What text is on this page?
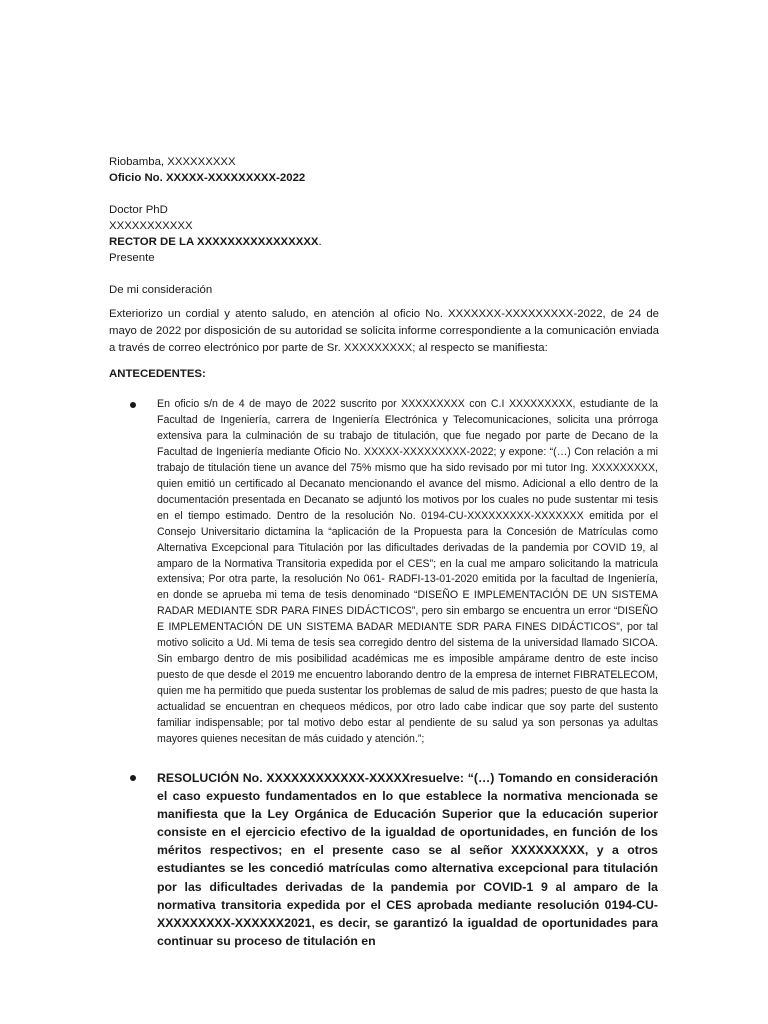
Riobamba, XXXXXXXXX
Oficio No. XXXXX-XXXXXXXXX-2022
Doctor PhD
XXXXXXXXXXX
RECTOR DE LA XXXXXXXXXXXXXXXX.
Presente
De mi consideración
Exteriorizo un cordial y atento saludo, en atención al oficio No. XXXXXXX-XXXXXXXXX-2022, de 24 de mayo de 2022 por disposición de su autoridad se solicita informe correspondiente a la comunicación enviada a través de correo electrónico por parte de Sr. XXXXXXXXX; al respecto se manifiesta:
ANTECEDENTES:
En oficio s/n de 4 de mayo de 2022 suscrito por XXXXXXXXX con C.I XXXXXXXXX, estudiante de la Facultad de Ingeniería, carrera de Ingeniería Electrónica y Telecomunicaciones, solicita una prórroga extensiva para la culminación de su trabajo de titulación, que fue negado por parte de Decano de la Facultad de Ingeniería mediante Oficio No. XXXXX-XXXXXXXXX-2022; y expone: “(…) Con relación a mi trabajo de titulación tiene un avance del 75% mismo que ha sido revisado por mi tutor Ing. XXXXXXXXX, quien emitió un certificado al Decanato mencionando el avance del mismo. Adicional a ello dentro de la documentación presentada en Decanato se adjuntó los motivos por los cuales no pude sustentar mi tesis en el tiempo estimado. Dentro de la resolución No. 0194-CU-XXXXXXXXX-XXXXXXX emitida por el Consejo Universitario dictamina la “aplicación de la Propuesta para la Concesión de Matrículas como Alternativa Excepcional para Titulación por las dificultades derivadas de la pandemia por COVID 19, al amparo de la Normativa Transitoria expedida por el CES”; en la cual me amparo solicitando la matricula extensiva; Por otra parte, la resolución No 061- RADFI-13-01-2020 emitida por la facultad de Ingeniería, en donde se aprueba mi tema de tesis denominado “DISEÑO E IMPLEMENTACIÓN DE UN SISTEMA RADAR MEDIANTE SDR PARA FINES DIDÁCTICOS”, pero sin embargo se encuentra un error “DISEÑO E IMPLEMENTACIÓN DE UN SISTEMA BADAR MEDIANTE SDR PARA FINES DIDÁCTICOS”, por tal motivo solicito a Ud. Mi tema de tesis sea corregido dentro del sistema de la universidad llamado SICOA. Sin embargo dentro de mis posibilidad académicas me es imposible ampárame dentro de este inciso puesto de que desde el 2019 me encuentro laborando dentro de la empresa de internet FIBRATELECOM, quien me ha permitido que pueda sustentar los problemas de salud de mis padres; puesto de que hasta la actualidad se encuentran en chequeos médicos, por otro lado cabe indicar que soy parte del sustento familiar indispensable; por tal motivo debo estar al pendiente de su salud ya son personas ya adultas mayores quienes necesitan de más cuidado y atención.”;
RESOLUCIÓN No. XXXXXXXXXXXX-XXXXXresuelve: “(…) Tomando en consideración el caso expuesto fundamentados en lo que establece la normativa mencionada se manifiesta que la Ley Orgánica de Educación Superior que la educación superior consiste en el ejercicio efectivo de la igualdad de oportunidades, en función de los méritos respectivos; en el presente caso se al señor XXXXXXXXX, y a otros estudiantes se les concedió matrículas como alternativa excepcional para titulación por las dificultades derivadas de la pandemia por COVID-1 9 al amparo de la normativa transitoria expedida por el CES aprobada mediante resolución 0194-CU-XXXXXXXXX-XXXXXX2021, es decir, se garantizó la igualdad de oportunidades para continuar su proceso de titulación en
